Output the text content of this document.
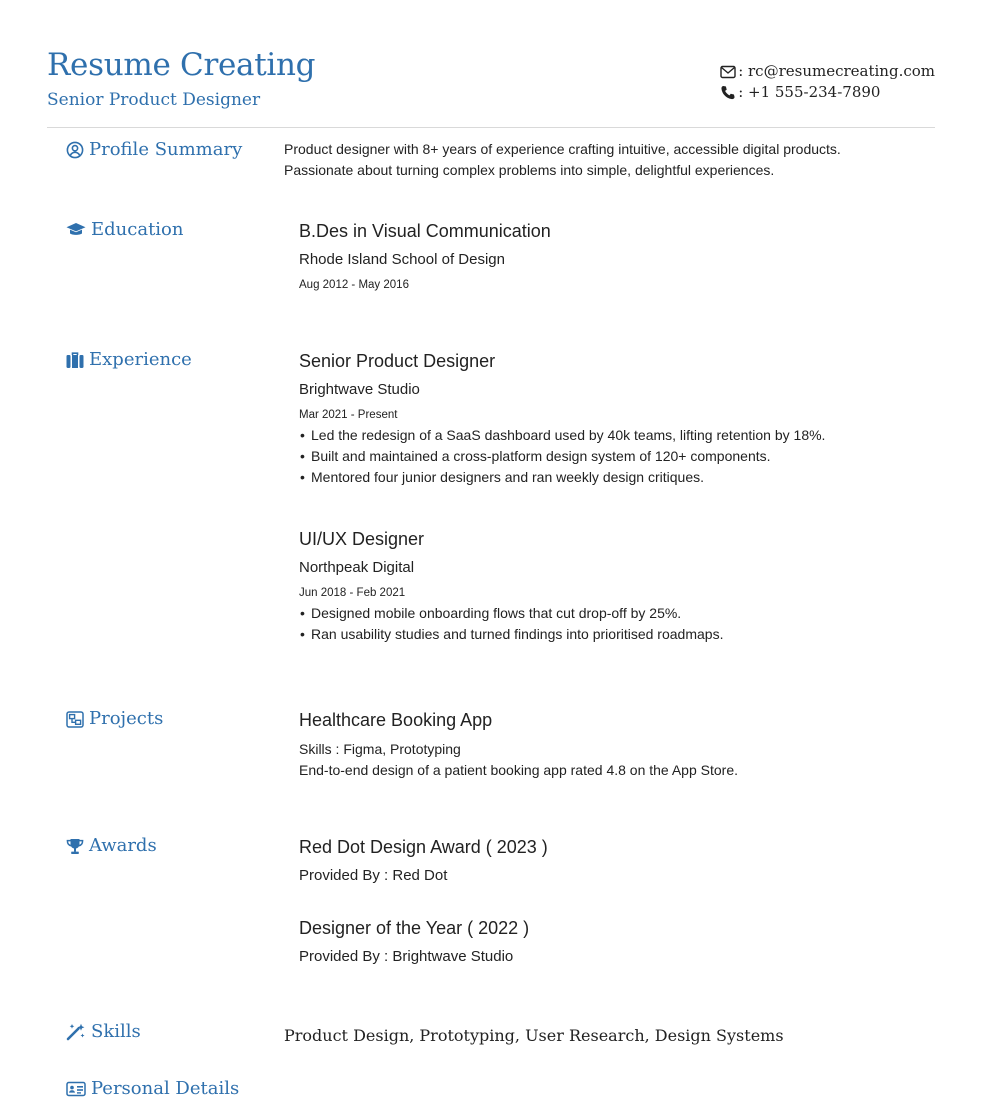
Resume Creating
Senior Product Designer
: rc@resumecreating.com
: +1 555-234-7890
Profile Summary	Product designer with 8+ years of experience crafting intuitive, accessible digital products.
Passionate about turning complex problems into simple, delightful experiences.
Education	B.Des in Visual Communication
Rhode Island School of Design
Aug 2012 - May 2016
Experience	Senior Product Designer
Brightwave Studio
Mar 2021 - Present
• Led the redesign of a SaaS dashboard used by 40k teams, lifting retention by 18%.
• Built and maintained a cross-platform design system of 120+ components.
• Mentored four junior designers and ran weekly design critiques.
UI/UX Designer
Northpeak Digital
Jun 2018 - Feb 2021
• Designed mobile onboarding flows that cut drop-off by 25%.
• Ran usability studies and turned findings into prioritised roadmaps.
Projects	Healthcare Booking App
Skills : Figma, Prototyping
End-to-end design of a patient booking app rated 4.8 on the App Store.
Awards	Red Dot Design Award ( 2023 )
Provided By : Red Dot
Designer of the Year ( 2022 )
Provided By : Brightwave Studio
Skills	Product Design, Prototyping, User Research, Design Systems
Personal Details
